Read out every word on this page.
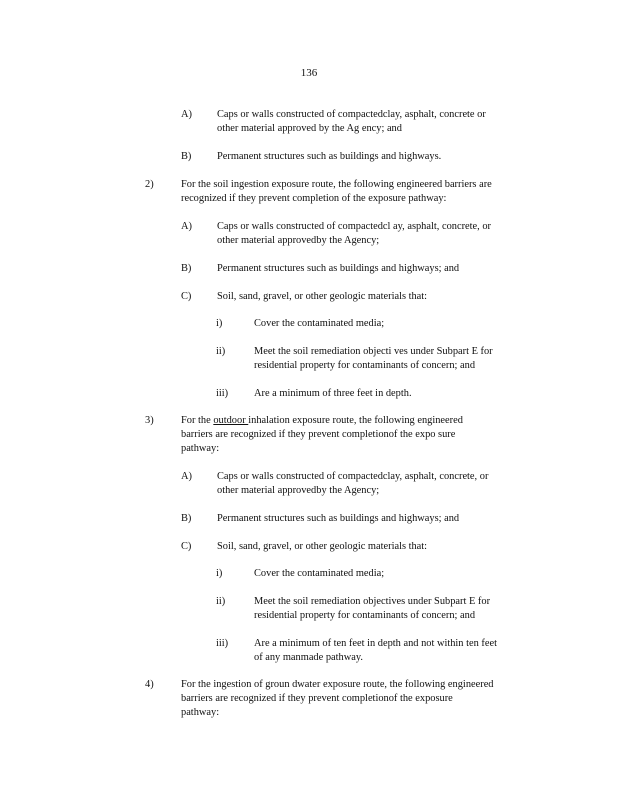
136
A) Caps or walls constructed of compactedclay, asphalt, concrete or
other material approved by the Ag ency; and
B) Permanent structures such as buildings and highways.
2)	For the soil ingestion exposure route, the following engineered barriers are
recognized if they prevent completion of the exposure pathway:
A) Caps or walls constructed of compactedcl ay, asphalt, concrete, or
other material approvedby the Agency;
B) Permanent structures such as buildings and highways; and
C) Soil, sand, gravel, or other geologic materials that:
i)	Cover the contaminated media;
ii)	Meet the soil remediation objecti ves under Subpart E for
residential property for contaminants of concern; and
iii) Are a minimum of three feet in depth.
3)	For the outdoor inhalation exposure route, the following engineered
barriers are recognized if they prevent completionof the expo sure
pathway:
A) Caps or walls constructed of compactedclay, asphalt, concrete, or
other material approvedby the Agency;
B) Permanent structures such as buildings and highways; and
C) Soil, sand, gravel, or other geologic materials that:
i)	Cover the contaminated media;
ii)	Meet the soil remediation objectives under Subpart E for
residential property for contaminants of concern; and
iii) Are a minimum of ten feet in depth and not within ten feet
of any manmade pathway.
4)	For the ingestion of groun dwater exposure route, the following engineered
barriers are recognized if they prevent completionof the exposure
pathway:
